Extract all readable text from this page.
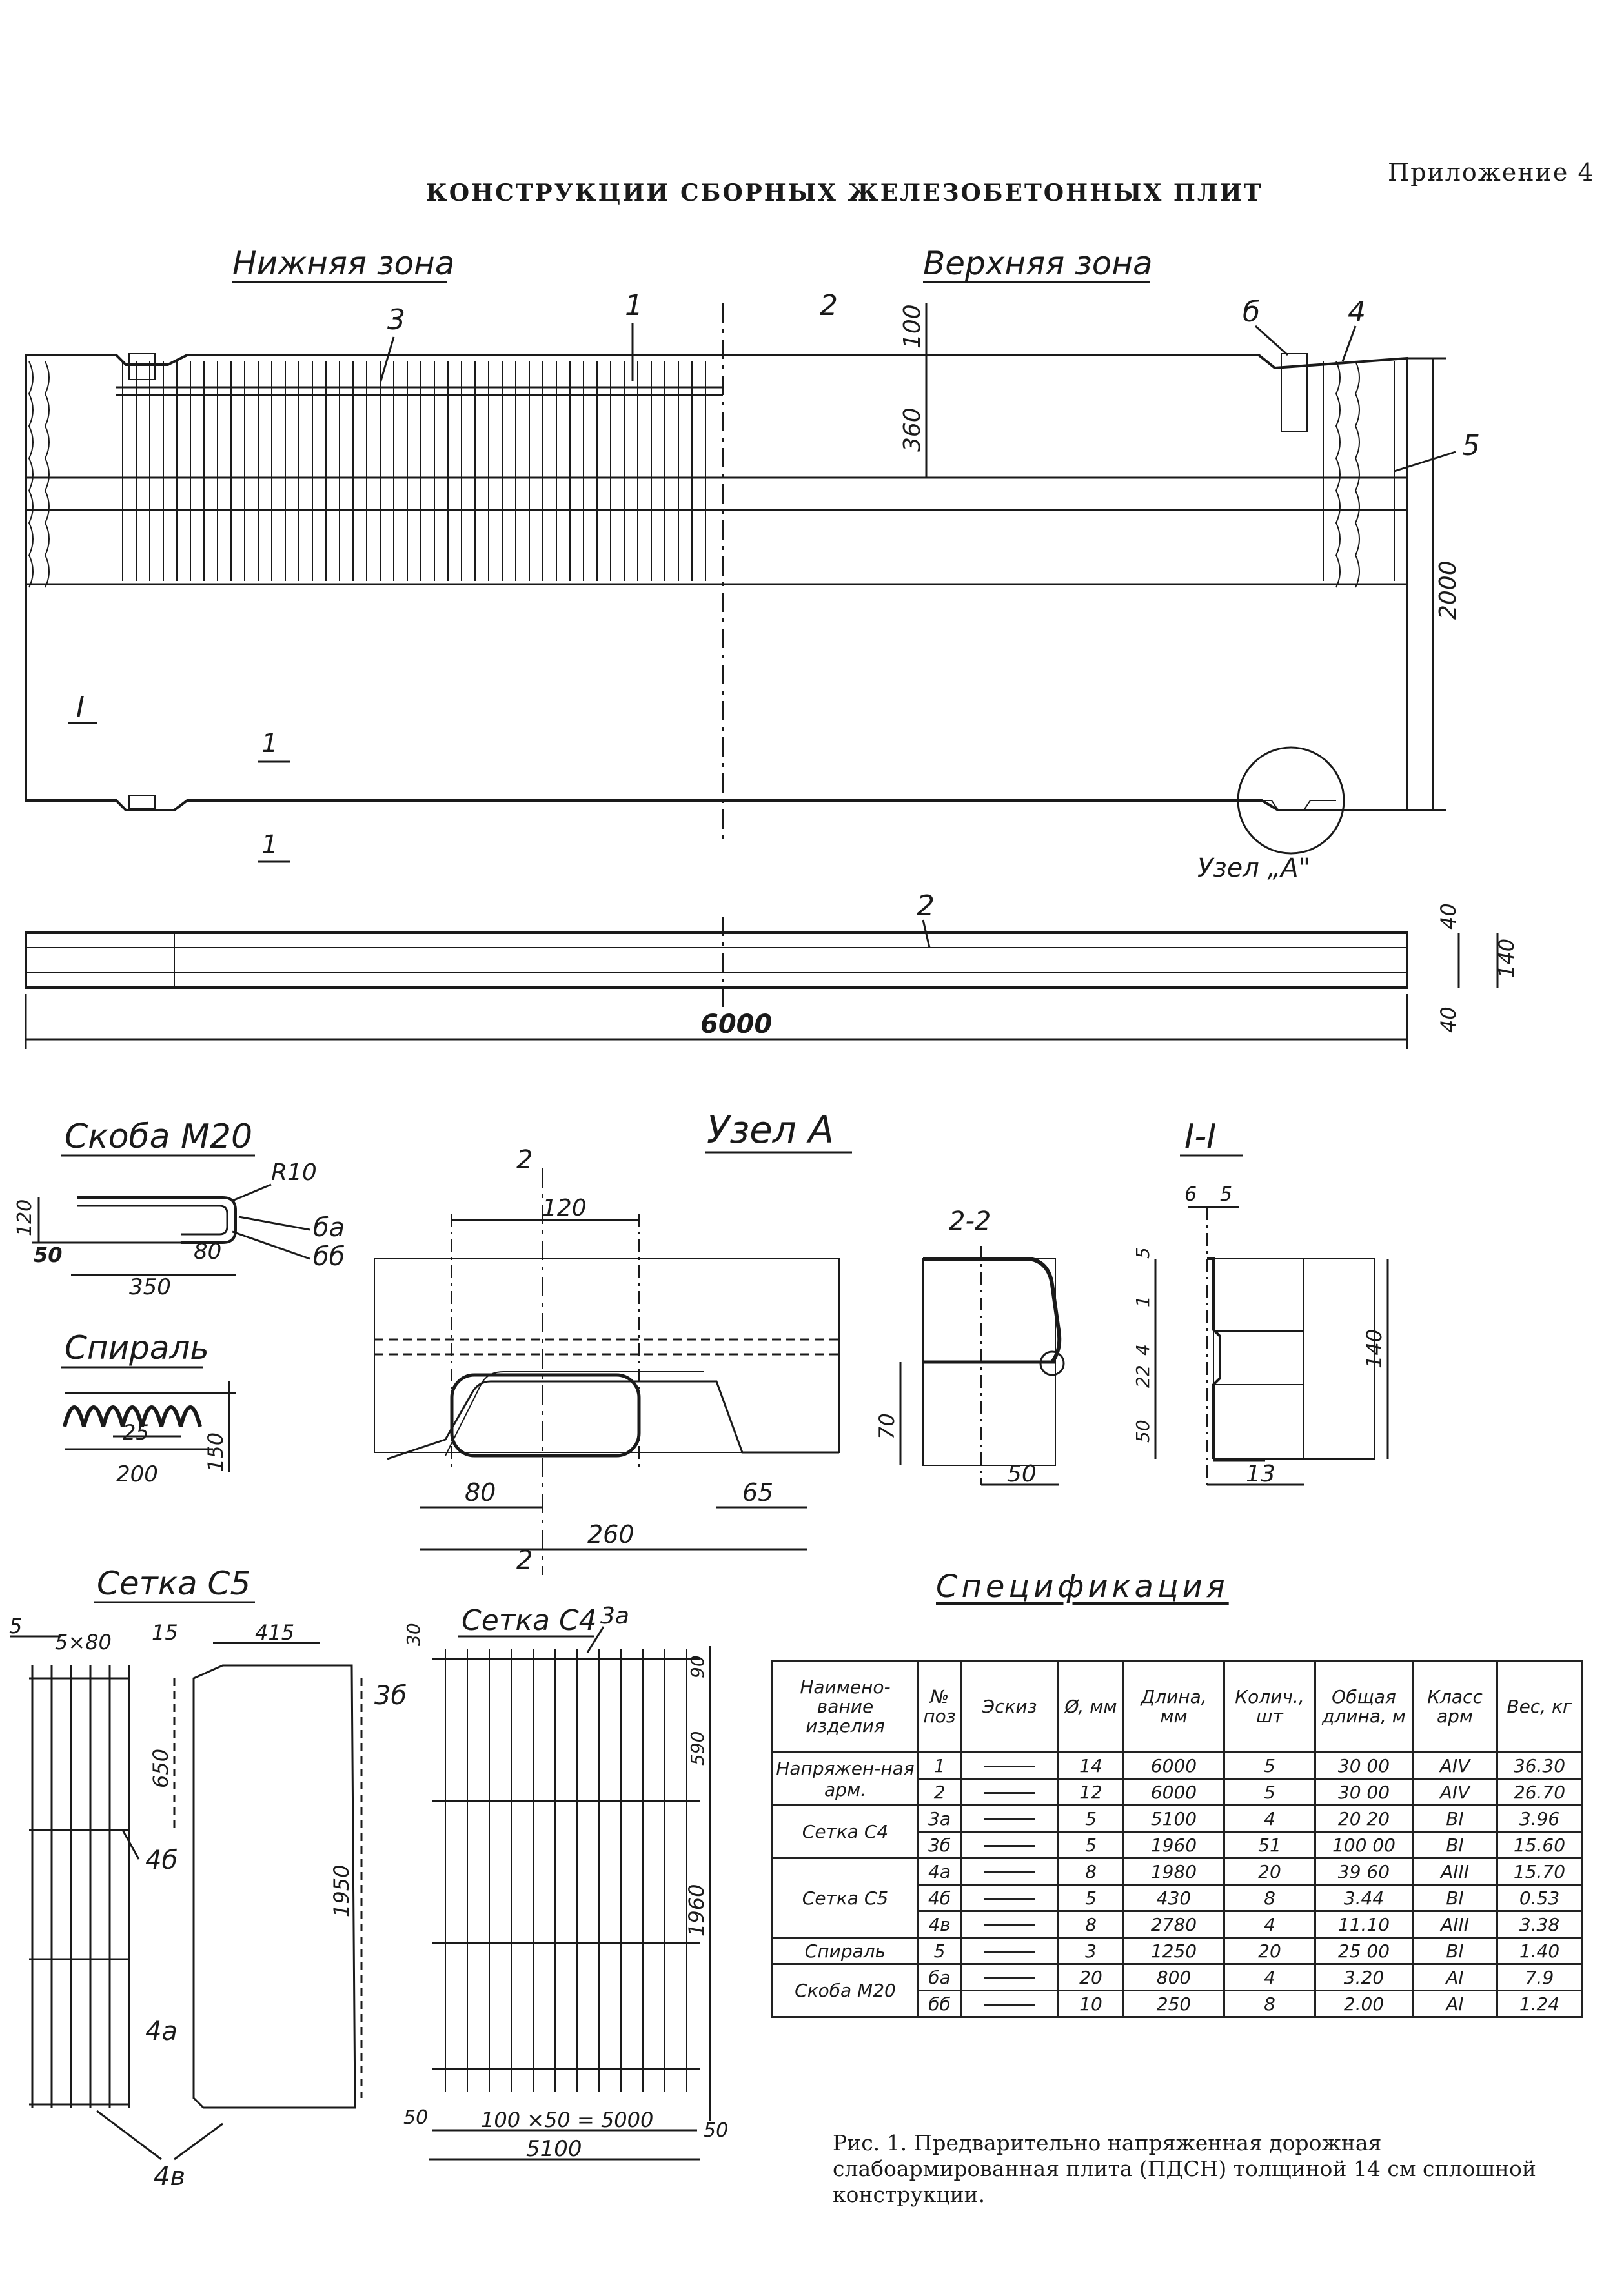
Приложение 4
КОНСТРУКЦИИ СБОРНЫХ ЖЕЛЕЗОБЕТОННЫХ ПЛИТ
Нижняя зона	Верхняя зона
3	1	2	б	4
5
100
360
2000
I
1
1
Узел „А"
2	40
140
40
6000
Скоба М20
R10
120
50	80
350
ба
бб
Спираль
25
200
150
Узел А
2
2
120
80
260
65
2-2
70
50
I-I
6 5
5
1
4
22
50
140
13
Сетка С5
5
5×80 15
650
4б
4а
415
1950
4в
Сетка С4 3а
3б
30
90
590
1960
50
50
100 ×50 = 5000
5100
Спецификация
Наимено-вание изделия	№ поз	Эскиз	Ø, мм	Длина, мм	Колич., шт	Общая длина, м	Класс арм	Вес, кг
Напряжен-ная арм.	1		14	6000	5	30 00	AIV	36.30
	2		12	6000	5	30 00	AIV	26.70
Сетка С4	3а		5	5100	4	20 20	BI	3.96
	3б		5	1960	51	100 00	BI	15.60
Сетка С5	4а		8	1980	20	39 60	AIII	15.70
	4б		5	430	8	3.44	BI	0.53
	4в		8	2780	4	11.10	AIII	3.38
Спираль	5		3	1250	20	25 00	BI	1.40
Скоба М20	ба		20	800	4	3.20	AI	7.9
	бб		10	250	8	2.00	AI	1.24
Рис. 1. Предварительно напряженная дорожная слабоармированная плита (ПДСН) толщиной 14 см сплошной конструкции.
